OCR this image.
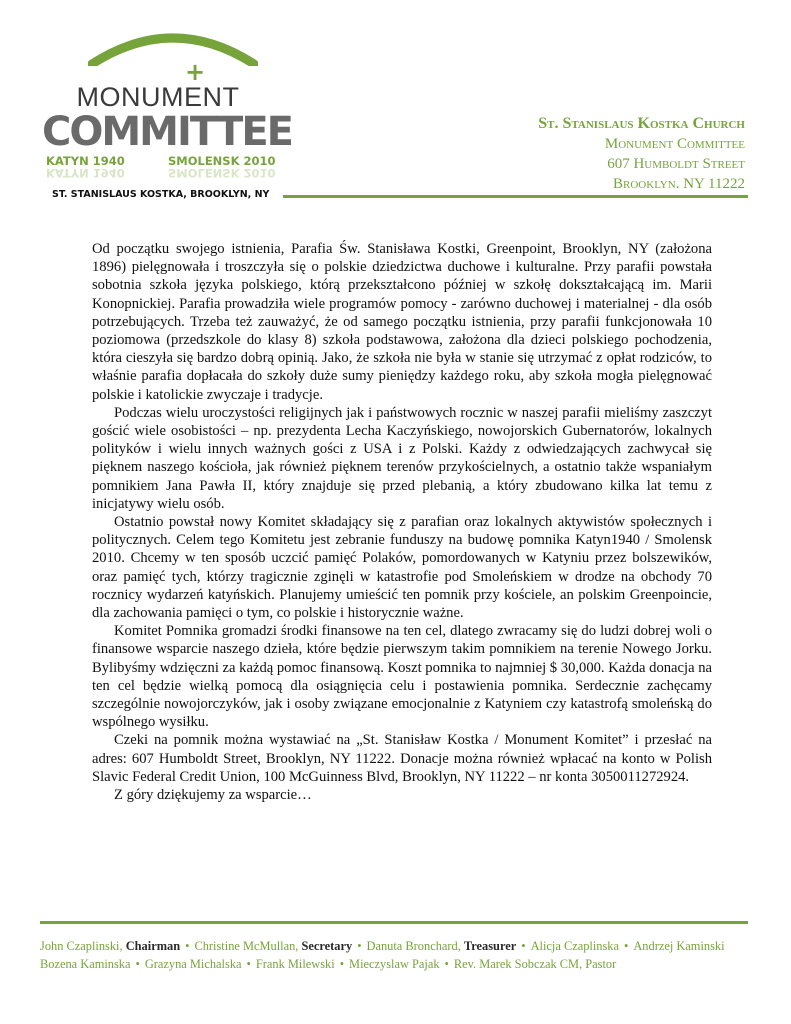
+
MONUMENT
COMMITTEE
KATYN 1940	SMOLENSK 2010
KATYN 1940	SMOLENSK 2010
ST. STANISLAUS KOSTKA, BROOKLYN, NY
St. Stanislaus Kostka Church
Monument Committee
607 Humboldt Street
Brooklyn. NY 11222

Od początku swojego istnienia, Parafia Św. Stanisława Kostki, Greenpoint, Brooklyn, NY (założona 1896) pielęgnowała i troszczyła się o polskie dziedzictwa duchowe i kulturalne. Przy parafii powstała sobotnia szkoła języka polskiego, którą przekształcono później w szkołę dokształcającą im. Marii Konopnickiej. Parafia prowadziła wiele programów pomocy - zarówno duchowej i materialnej - dla osób potrzebujących. Trzeba też zauważyć, że od samego początku istnienia, przy parafii funkcjonowała 10 poziomowa (przedszkole do klasy 8) szkoła podstawowa, założona dla dzieci polskiego pochodzenia, która cieszyła się bardzo dobrą opinią. Jako, że szkoła nie była w stanie się utrzymać z opłat rodziców, to właśnie parafia dopłacała do szkoły duże sumy pieniędzy każdego roku, aby szkoła mogła pielęgnować polskie i katolickie zwyczaje i tradycje.

Podczas wielu uroczystości religijnych jak i państwowych rocznic w naszej parafii mieliśmy zaszczyt gościć wiele osobistości – np. prezydenta Lecha Kaczyńskiego, nowojorskich Gubernatorów, lokalnych polityków i wielu innych ważnych gości z USA i z Polski. Każdy z odwiedzających zachwycał się pięknem naszego kościoła, jak również pięknem terenów przykościelnych, a ostatnio także wspaniałym pomnikiem Jana Pawła II, który znajduje się przed plebanią, a który zbudowano kilka lat temu z inicjatywy wielu osób.

Ostatnio powstał nowy Komitet składający się z parafian oraz lokalnych aktywistów społecznych i politycznych. Celem tego Komitetu jest zebranie funduszy na budowę pomnika Katyn1940 / Smolensk 2010. Chcemy w ten sposób uczcić pamięć Polaków, pomordowanych w Katyniu przez bolszewików, oraz pamięć tych, którzy tragicznie zginęli w katastrofie pod Smoleńskiem w drodze na obchody 70 rocznicy wydarzeń katyńskich. Planujemy umieścić ten pomnik przy kościele, an polskim Greenpoincie, dla zachowania pamięci o tym, co polskie i historycznie ważne.

Komitet Pomnika gromadzi środki finansowe na ten cel, dlatego zwracamy się do ludzi dobrej woli o finansowe wsparcie naszego dzieła, które będzie pierwszym takim pomnikiem na terenie Nowego Jorku. Bylibyśmy wdzięczni za każdą pomoc finansową. Koszt pomnika to najmniej $ 30,000. Każda donacja na ten cel będzie wielką pomocą dla osiągnięcia celu i postawienia pomnika. Serdecznie zachęcamy szczególnie nowojorczyków, jak i osoby związane emocjonalnie z Katyniem czy katastrofą smoleńską do wspólnego wysiłku.

Czeki na pomnik można wystawiać na „St. Stanisław Kostka / Monument Komitet” i przesłać na adres: 607 Humboldt Street, Brooklyn, NY 11222. Donacje można również wpłacać na konto w Polish Slavic Federal Credit Union, 100 McGuinness Blvd, Brooklyn, NY 11222 – nr konta 3050011272924.

Z góry dziękujemy za wsparcie…

John Czaplinski, Chairman • Christine McMullan, Secretary • Danuta Bronchard, Treasurer • Alicja Czaplinska • Andrzej Kaminski
Bozena Kaminska • Grazyna Michalska • Frank Milewski • Mieczyslaw Pajak • Rev. Marek Sobczak CM, Pastor
